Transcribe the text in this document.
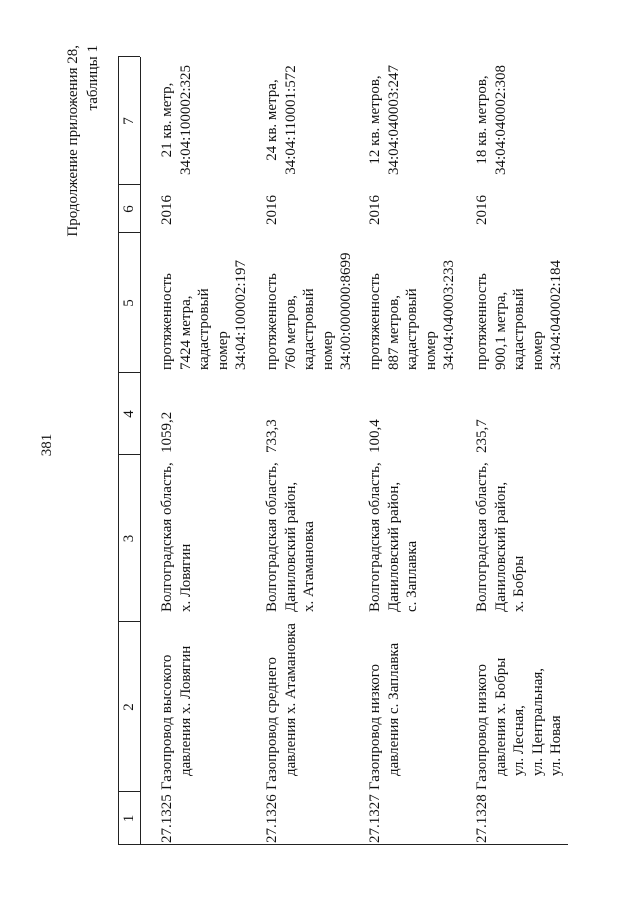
381
Продолжение приложения 28, таблицы 1
1
2
3
4
5
6
7
27.1325
Газопровод высокого давления х. Ловягин
Волгоградская область, х. Ловягин
1059,2
протяженность 7424 метра, кадастровый номер 34:04:100002:197
2016
21 кв. метр, 34:04:100002:325
27.1326
Газопровод среднего давления х. Атамановка
Волгоградская область, Даниловский район, х. Атамановка
733,3
протяженность 760 метров, кадастровый номер 34:00:000000:8699
2016
24 кв. метра, 34:04:110001:572
27.1327
Газопровод низкого давления с. Заплавка
Волгоградская область, Даниловский район, с. Заплавка
100,4
протяженность 887 метров, кадастровый номер 34:04:040003:233
2016
12 кв. метров, 34:04:040003:247
27.1328
Газопровод низкого давления х. Бобры ул. Лесная, ул. Центральная, ул. Новая
Волгоградская область, Даниловский район, х. Бобры
235,7
протяженность 900,1 метра, кадастровый номер 34:04:040002:184
2016
18 кв. метров, 34:04:040002:308
